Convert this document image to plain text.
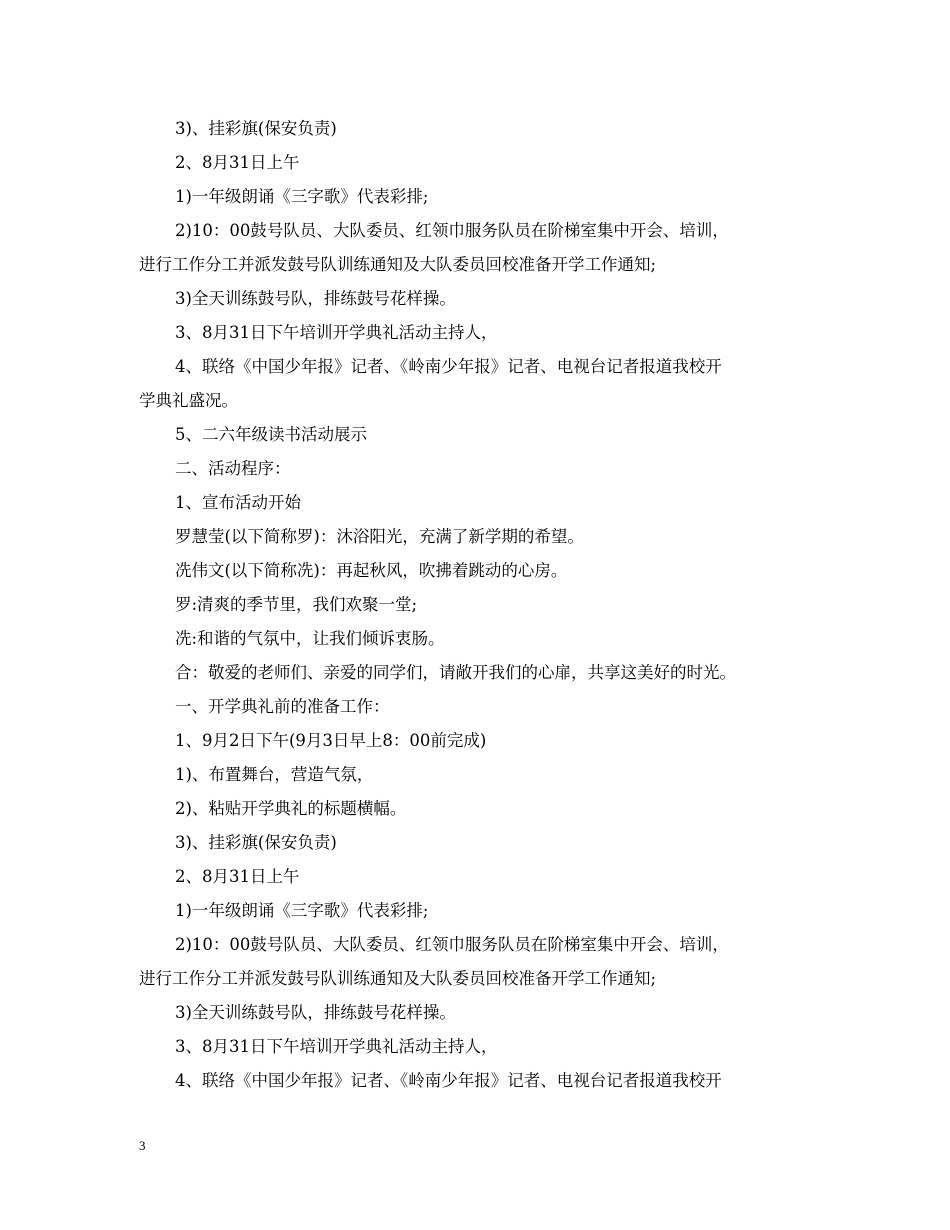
3)、挂彩旗(保安负责)
2、8月31日上午
1)一年级朗诵《三字歌》代表彩排;
2)10：00鼓号队员、大队委员、红领巾服务队员在阶梯室集中开会、培训，
进行工作分工并派发鼓号队训练通知及大队委员回校准备开学工作通知;
3)全天训练鼓号队，排练鼓号花样操。
3、8月31日下午培训开学典礼活动主持人，
4、联络《中国少年报》记者、《岭南少年报》记者、电视台记者报道我校开
学典礼盛况。
5、二六年级读书活动展示
二、活动程序：
1、宣布活动开始
罗慧莹(以下简称罗)：沐浴阳光，充满了新学期的希望。
冼伟文(以下简称冼)：再起秋风，吹拂着跳动的心房。
罗:清爽的季节里，我们欢聚一堂;
冼:和谐的气氛中，让我们倾诉衷肠。
合：敬爱的老师们、亲爱的同学们，请敞开我们的心扉，共享这美好的时光。
一、开学典礼前的准备工作：
1、9月2日下午(9月3日早上8：00前完成)
1)、布置舞台，营造气氛，
2)、粘贴开学典礼的标题横幅。
3)、挂彩旗(保安负责)
2、8月31日上午
1)一年级朗诵《三字歌》代表彩排;
2)10：00鼓号队员、大队委员、红领巾服务队员在阶梯室集中开会、培训，
进行工作分工并派发鼓号队训练通知及大队委员回校准备开学工作通知;
3)全天训练鼓号队，排练鼓号花样操。
3、8月31日下午培训开学典礼活动主持人，
4、联络《中国少年报》记者、《岭南少年报》记者、电视台记者报道我校开
3
